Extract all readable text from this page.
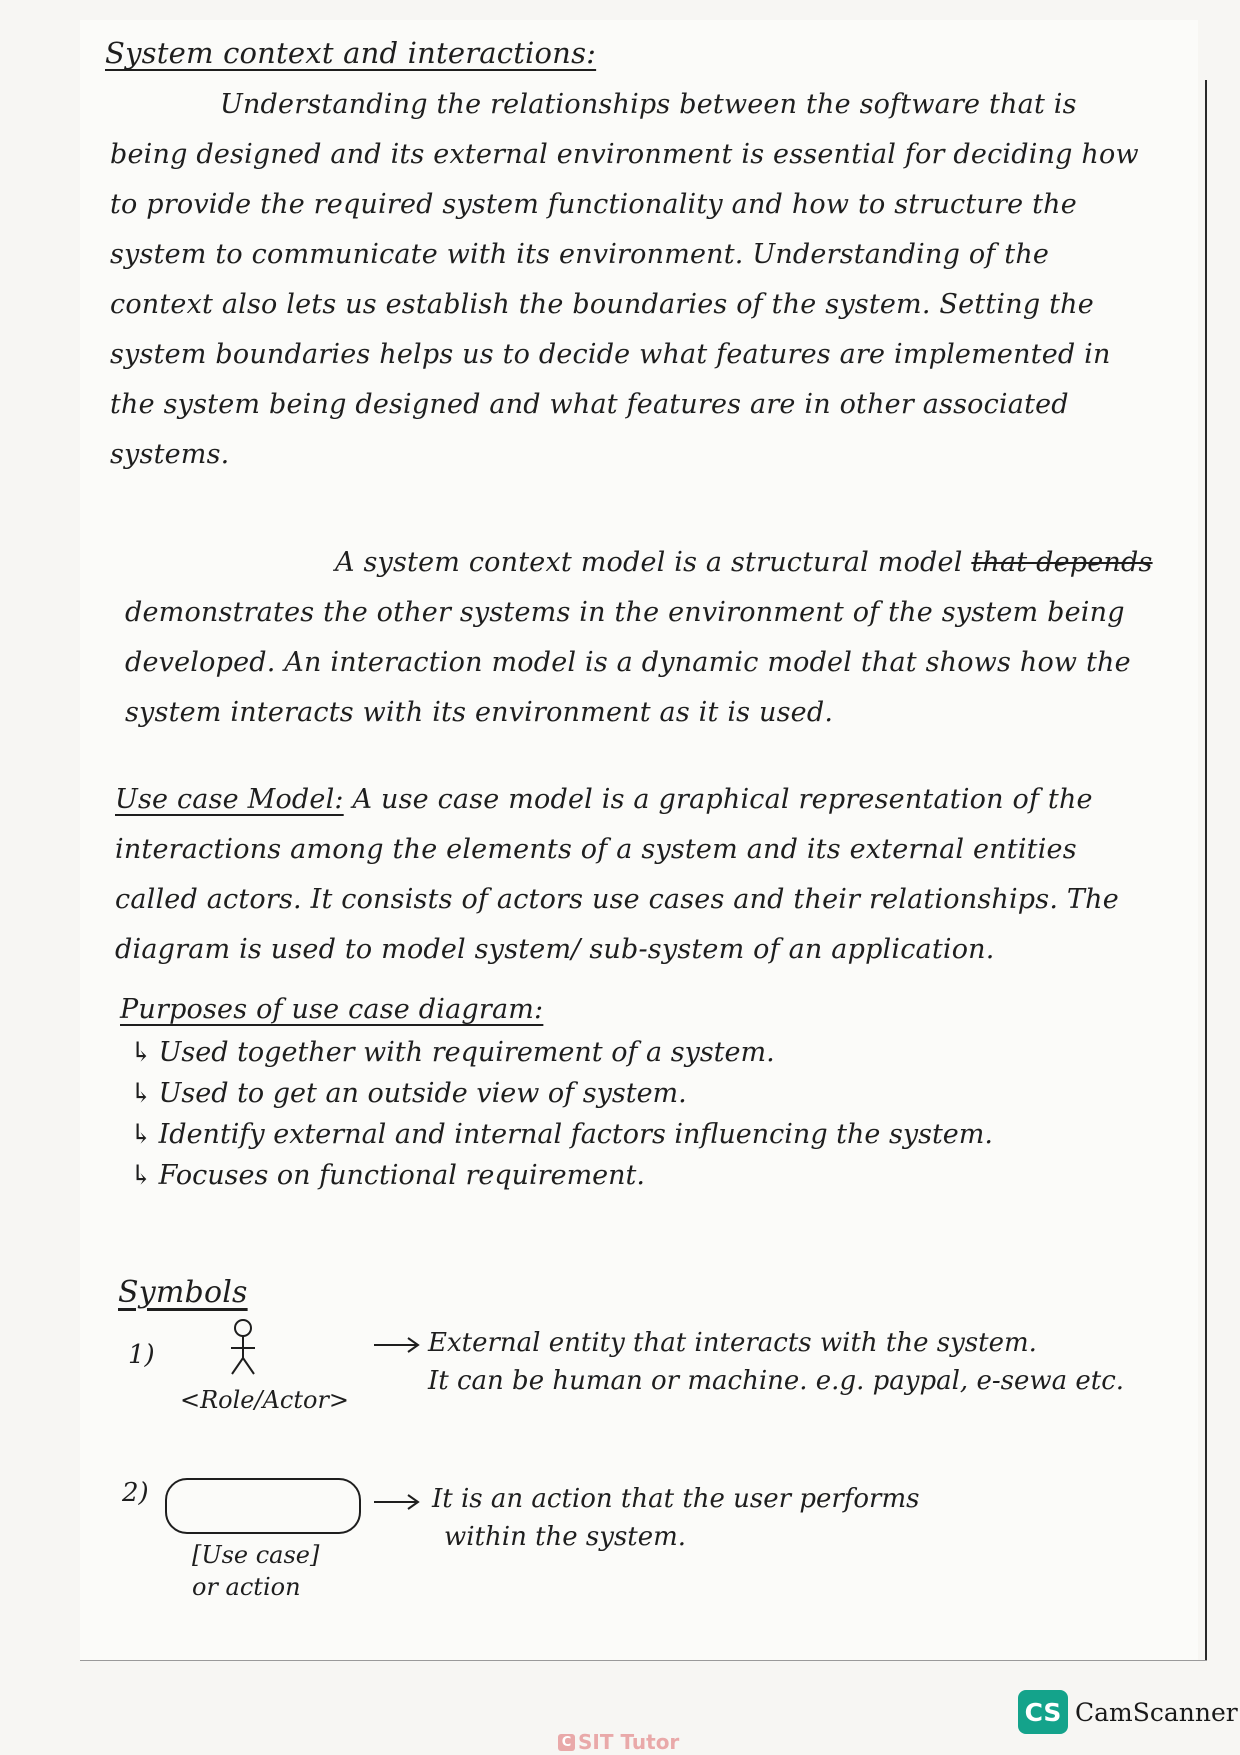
System context and interactions:

Understanding the relationships between the software that is being designed and its external environment is essential for deciding how to provide the required system functionality and how to structure the system to communicate with its environment. Understanding of the context also lets us establish the boundaries of the system. Setting the system boundaries helps us to decide what features are implemented in the system being designed and what features are in other associated systems.

A system context model is a structural model that depends demonstrates the other systems in the environment of the system being developed. An interaction model is a dynamic model that shows how the system interacts with its environment as it is used.

Use case Model: A use case model is a graphical representation of the interactions among the elements of a system and its external entities called actors. It consists of actors use cases and their relationships. The diagram is used to model system/ sub-system of an application.

Purposes of use case diagram:

↳ Used together with requirement of a system.
↳ Used to get an outside view of system.
↳ Identify external and internal factors influencing the system.
↳ Focuses on functional requirement.

Symbols

1)
<Role/Actor>
External entity that interacts with the system.
It can be human or machine. e.g. paypal, e-sewa etc.
2)	It is an action that the user performs
within the system.
[Use case]
or action
CS CamScanner
C SIT Tutor
